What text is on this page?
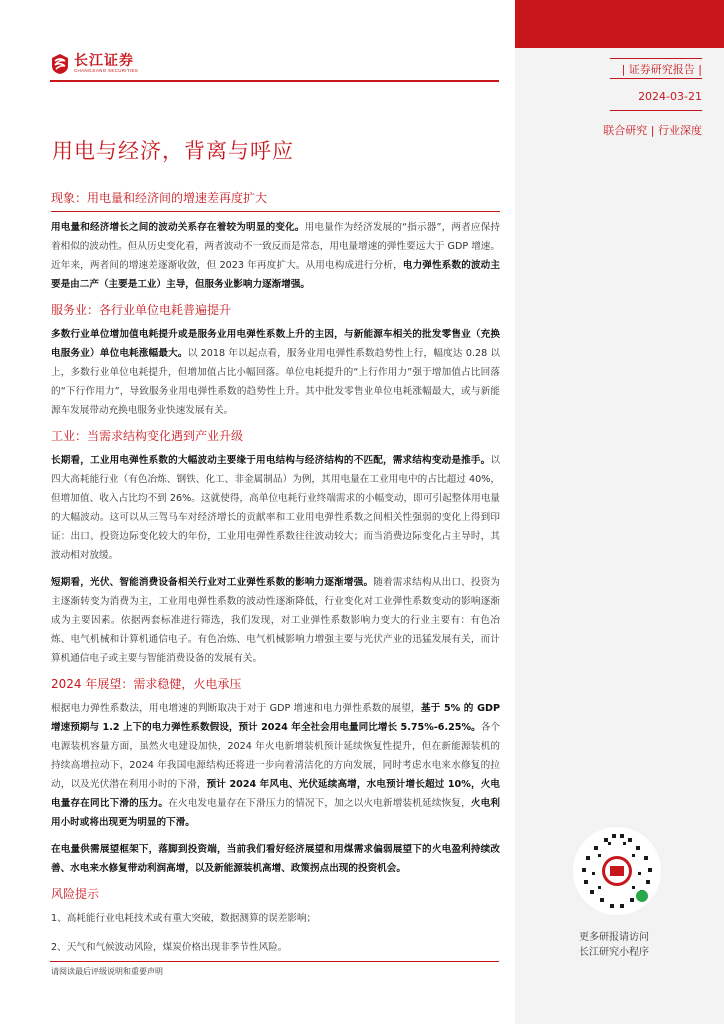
| 证券研究报告 |
2024-03-21
联合研究 | 行业深度
长江证券
CHANGJIANG SECURITIES
用电与经济，背离与呼应
现象：用电量和经济间的增速差再度扩大

用电量和经济增长之间的波动关系存在着较为明显的变化。用电量作为经济发展的“指示器”，两者应保持着相似的波动性。但从历史变化看，两者波动不一致反而是常态，用电量增速的弹性要远大于 GDP 增速。近年来，两者间的增速差逐渐收敛，但 2023 年再度扩大。从用电构成进行分析，电力弹性系数的波动主要是由二产（主要是工业）主导，但服务业影响力逐渐增强。

服务业：各行业单位电耗普遍提升

多数行业单位增加值电耗提升或是服务业用电弹性系数上升的主因，与新能源车相关的批发零售业（充换电服务业）单位电耗涨幅最大。以 2018 年以起点看，服务业用电弹性系数趋势性上行，幅度达 0.28 以上，多数行业单位电耗提升，但增加值占比小幅回落。单位电耗提升的“上行作用力”强于增加值占比回落的“下行作用力”，导致服务业用电弹性系数的趋势性上升。其中批发零售业单位电耗涨幅最大，或与新能源车发展带动充换电服务业快速发展有关。

工业：当需求结构变化遇到产业升级

长期看，工业用电弹性系数的大幅波动主要缘于用电结构与经济结构的不匹配，需求结构变动是推手。以四大高耗能行业（有色冶炼、钢铁、化工、非金属制品）为例，其用电量在工业用电中的占比超过 40%，但增加值、收入占比均不到 26%。这就使得，高单位电耗行业终端需求的小幅变动，即可引起整体用电量的大幅波动。这可以从三驾马车对经济增长的贡献率和工业用电弹性系数之间相关性强弱的变化上得到印证：出口、投资边际变化较大的年份，工业用电弹性系数往往波动较大；而当消费边际变化占主导时，其波动相对放缓。

短期看，光伏、智能消费设备相关行业对工业弹性系数的影响力逐渐增强。随着需求结构从出口、投资为主逐渐转变为消费为主，工业用电弹性系数的波动性逐渐降低，行业变化对工业弹性系数变动的影响逐渐成为主要因素。依据两套标准进行筛选，我们发现，对工业弹性系数影响力变大的行业主要有：有色冶炼、电气机械和计算机通信电子。有色冶炼、电气机械影响力增强主要与光伏产业的迅猛发展有关，而计算机通信电子或主要与智能消费设备的发展有关。

2024 年展望：需求稳健，火电承压

根据电力弹性系数法，用电增速的判断取决于对于 GDP 增速和电力弹性系数的展望，基于 5% 的 GDP 增速预期与 1.2 上下的电力弹性系数假设，预计 2024 年全社会用电量同比增长 5.75%-6.25%。各个电源装机容量方面，虽然火电建设加快，2024 年火电新增装机预计延续恢复性提升，但在新能源装机的持续高增拉动下，2024 年我国电源结构还将进一步向着清洁化的方向发展，同时考虑水电来水修复的拉动，以及光伏潜在利用小时的下滑，预计 2024 年风电、光伏延续高增，水电预计增长超过 10%，火电电量存在同比下滑的压力。在火电发电量存在下滑压力的情况下，加之以火电新增装机延续恢复，火电利用小时或将出现更为明显的下滑。

在电量供需展望框架下，落脚到投资端，当前我们看好经济展望和用煤需求偏弱展望下的火电盈利持续改善、水电来水修复带动利润高增，以及新能源装机高增、政策拐点出现的投资机会。

风险提示

1、高耗能行业电耗技术或有重大突破，数据测算的误差影响；

2、天气和气候波动风险，煤炭价格出现非季节性风险。

更多研报请访问
长江研究小程序
请阅读最后评级说明和重要声明
